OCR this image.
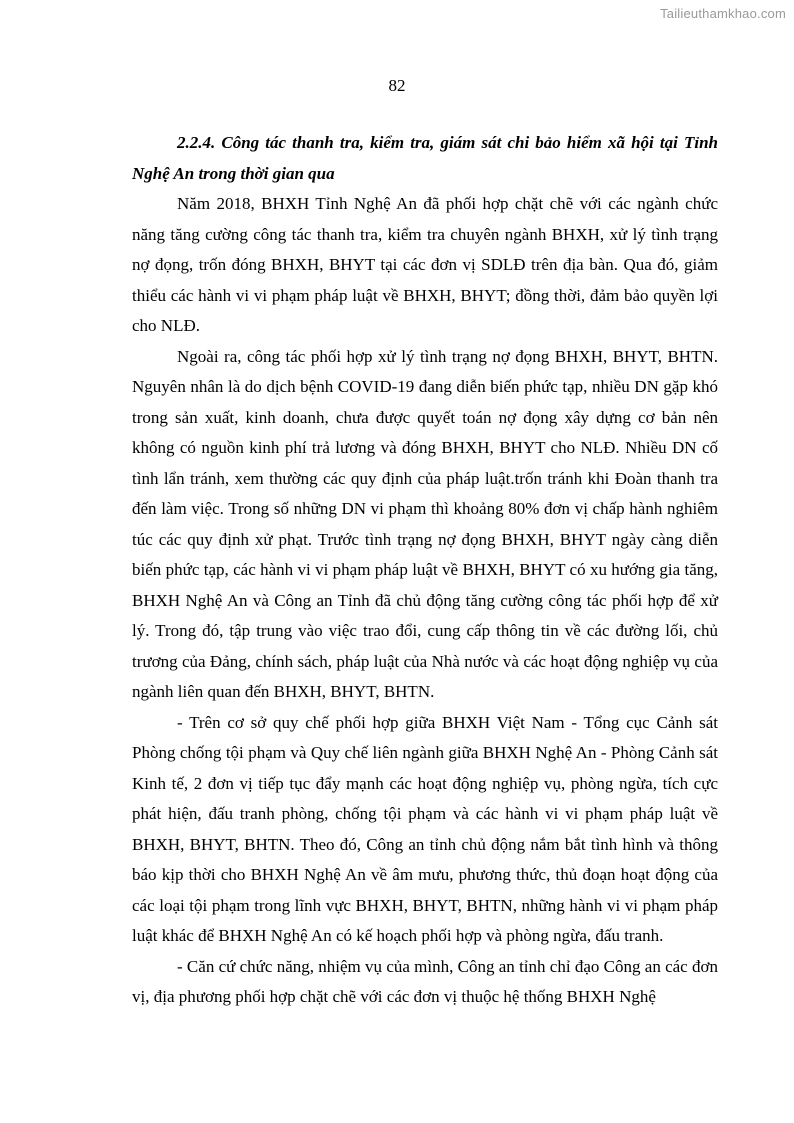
Tailieuthamkhao.com
82

2.2.4. Công tác thanh tra, kiểm tra, giám sát chi bảo hiểm xã hội tại Tỉnh Nghệ An trong thời gian qua

Năm 2018, BHXH Tỉnh Nghệ An đã phối hợp chặt chẽ với các ngành chức năng tăng cường công tác thanh tra, kiểm tra chuyên ngành BHXH, xử lý tình trạng nợ đọng, trốn đóng BHXH, BHYT tại các đơn vị SDLĐ trên địa bàn. Qua đó, giảm thiểu các hành vi vi phạm pháp luật về BHXH, BHYT; đồng thời, đảm bảo quyền lợi cho NLĐ.

Ngoài ra, công tác phối hợp xử lý tình trạng nợ đọng BHXH, BHYT, BHTN. Nguyên nhân là do dịch bệnh COVID-19 đang diễn biến phức tạp, nhiều DN gặp khó trong sản xuất, kinh doanh, chưa được quyết toán nợ đọng xây dựng cơ bản nên không có nguồn kinh phí trả lương và đóng BHXH, BHYT cho NLĐ. Nhiều DN cố tình lẩn tránh, xem thường các quy định của pháp luật.trốn tránh khi Đoàn thanh tra đến làm việc. Trong số những DN vi phạm thì khoảng 80% đơn vị chấp hành nghiêm túc các quy định xử phạt. Trước tình trạng nợ đọng BHXH, BHYT ngày càng diễn biến phức tạp, các hành vi vi phạm pháp luật về BHXH, BHYT có xu hướng gia tăng, BHXH Nghệ An và Công an Tỉnh đã chủ động tăng cường công tác phối hợp để xử lý. Trong đó, tập trung vào việc trao đổi, cung cấp thông tin về các đường lối, chủ trương của Đảng, chính sách, pháp luật của Nhà nước và các hoạt động nghiệp vụ của ngành liên quan đến BHXH, BHYT, BHTN.

- Trên cơ sở quy chế phối hợp giữa BHXH Việt Nam - Tổng cục Cảnh sát Phòng chống tội phạm và Quy chế liên ngành giữa BHXH Nghệ An - Phòng Cảnh sát Kinh tế, 2 đơn vị tiếp tục đẩy mạnh các hoạt động nghiệp vụ, phòng ngừa, tích cực phát hiện, đấu tranh phòng, chống tội phạm và các hành vi vi phạm pháp luật về BHXH, BHYT, BHTN. Theo đó, Công an tỉnh chủ động nắm bắt tình hình và thông báo kịp thời cho BHXH Nghệ An về âm mưu, phương thức, thủ đoạn hoạt động của các loại tội phạm trong lĩnh vực BHXH, BHYT, BHTN, những hành vi vi phạm pháp luật khác để BHXH Nghệ An có kế hoạch phối hợp và phòng ngừa, đấu tranh.

- Căn cứ chức năng, nhiệm vụ của mình, Công an tỉnh chỉ đạo Công an các đơn vị, địa phương phối hợp chặt chẽ với các đơn vị thuộc hệ thống BHXH Nghệ
